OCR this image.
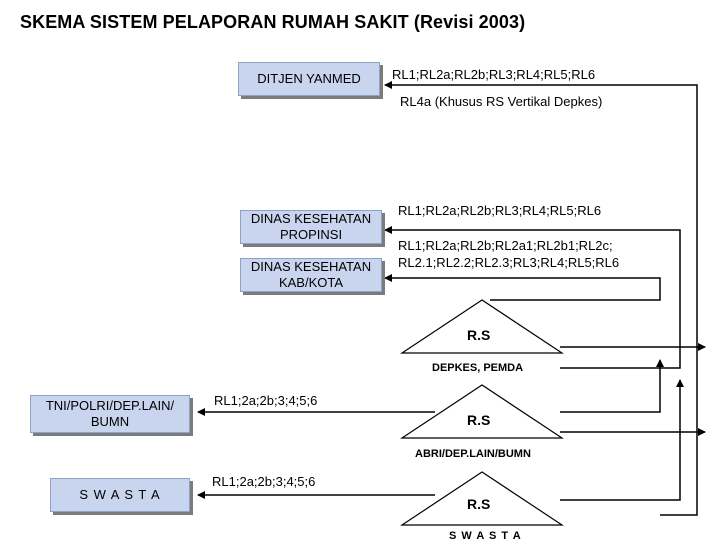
SKEMA SISTEM PELAPORAN RUMAH SAKIT (Revisi 2003)
DITJEN YANMED
DINAS KESEHATAN PROPINSI
DINAS KESEHATAN KAB/KOTA
TNI/POLRI/DEP.LAIN/ BUMN
S W A S T A
RL1;RL2a;RL2b;RL3;RL4;RL5;RL6
RL4a (Khusus RS Vertikal Depkes)
RL1;RL2a;RL2b;RL3;RL4;RL5;RL6
RL1;RL2a;RL2b;RL2a1;RL2b1;RL2c;
RL2.1;RL2.2;RL2.3;RL3;RL4;RL5;RL6
RL1;2a;2b;3;4;5;6
RL1;2a;2b;3;4;5;6
R.S
DEPKES, PEMDA
R.S
ABRI/DEP.LAIN/BUMN
R.S
S W A S T A
